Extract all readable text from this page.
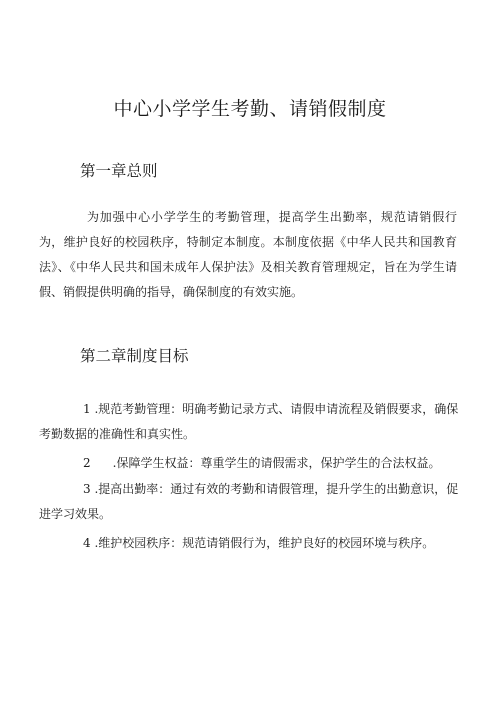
中心小学学生考勤、请销假制度
第一章总则

为加强中心小学学生的考勤管理，提高学生出勤率，规范请销假行为，维护良好的校园秩序，特制定本制度。本制度依据《中华人民共和国教育法》、《中华人民共和国未成年人保护法》及相关教育管理规定，旨在为学生请假、销假提供明确的指导，确保制度的有效实施。

第二章制度目标

1 .规范考勤管理：明确考勤记录方式、请假申请流程及销假要求，确保考勤数据的准确性和真实性。

2 .保障学生权益：尊重学生的请假需求，保护学生的合法权益。

3 .提高出勤率：通过有效的考勤和请假管理，提升学生的出勤意识，促进学习效果。

4 .维护校园秩序：规范请销假行为，维护良好的校园环境与秩序。
